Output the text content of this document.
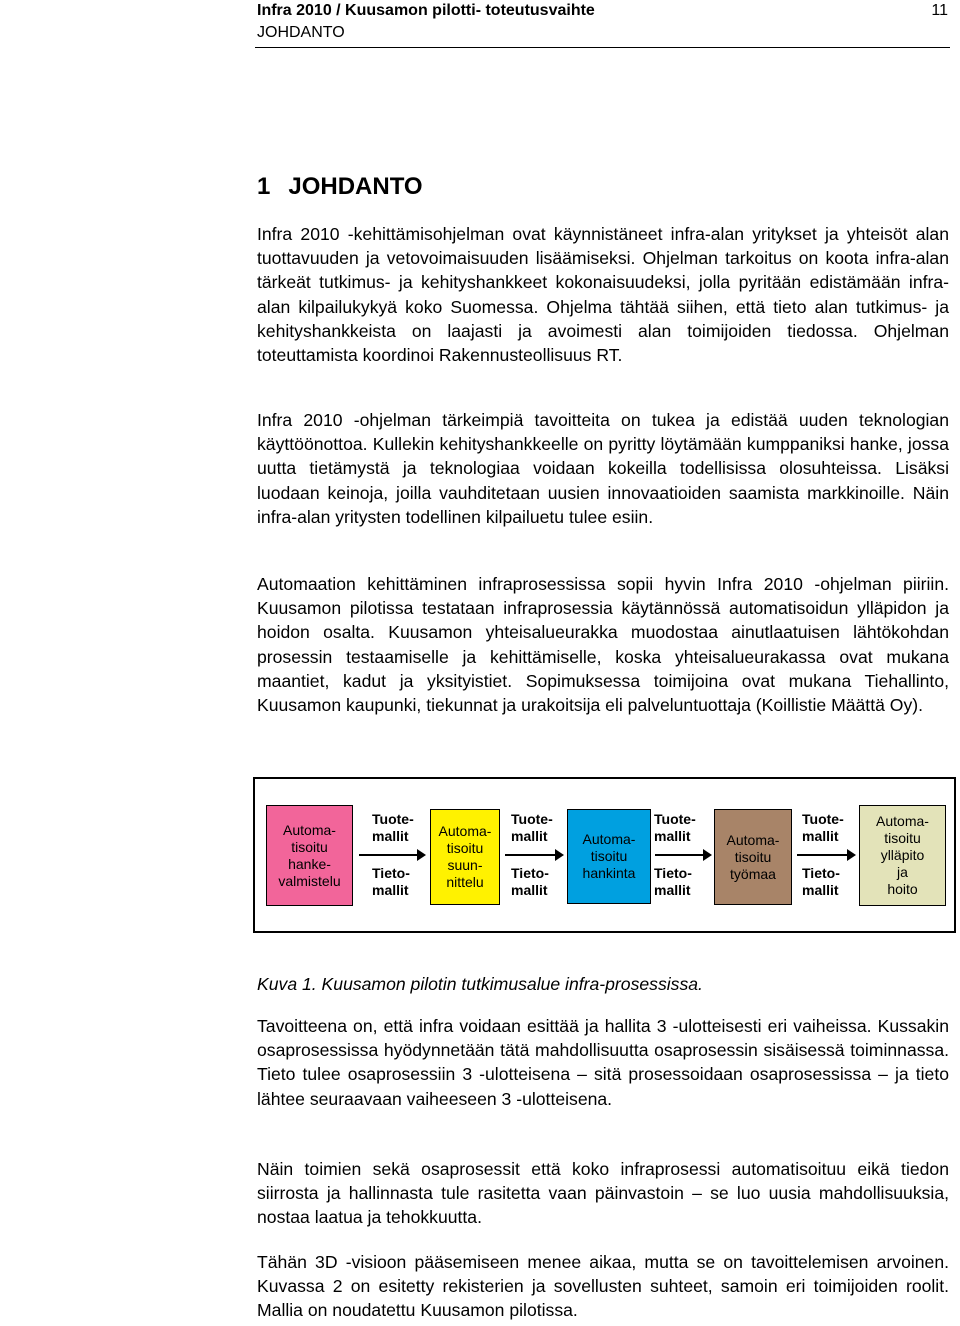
Infra 2010 / Kuusamon pilotti- toteutusvaihte
JOHDANTO
11
1 JOHDANTO

Infra 2010 -kehittämisohjelman ovat käynnistäneet infra-alan yritykset ja yhteisöt alan tuottavuuden ja vetovoimaisuuden lisäämiseksi. Ohjelman tarkoitus on koota infra-alan tärkeät tutkimus- ja kehityshankkeet kokonaisuudeksi, jolla pyritään edistämään infra-alan kilpailukykyä koko Suomessa. Ohjelma tähtää siihen, että tieto alan tutkimus- ja kehityshankkeista on laajasti ja avoimesti alan toimijoiden tiedossa. Ohjelman toteuttamista koordinoi Rakennusteollisuus RT.

Infra 2010 -ohjelman tärkeimpiä tavoitteita on tukea ja edistää uuden teknologian käyttöönottoa. Kullekin kehityshankkeelle on pyritty löytämään kumppaniksi hanke, jossa uutta tietämystä ja teknologiaa voidaan kokeilla todellisissa olosuhteissa. Lisäksi luodaan keinoja, joilla vauhditetaan uusien innovaatioiden saamista markkinoille. Näin infra-alan yritysten todellinen kilpailuetu tulee esiin.

Automaation kehittäminen infraprosessissa sopii hyvin Infra 2010 -ohjelman piiriin. Kuusamon pilotissa testataan infraprosessia käytännössä automatisoidun ylläpidon ja hoidon osalta. Kuusamon yhteisalueurakka muodostaa ainutlaatuisen lähtökohdan prosessin testaamiselle ja kehittämiselle, koska yhteisalueurakassa ovat mukana maantiet, kadut ja yksityistiet. Sopimuksessa toimijoina ovat mukana Tiehallinto, Kuusamon kaupunki, tiekunnat ja urakoitsija eli palveluntuottaja (Koillistie Määttä Oy).

Automa-
tisoitu
hanke-
valmistelu
Tuote-
mallit
Tieto-
mallit
Automa-
tisoitu
suun-
nittelu
Tuote-
mallit
Tieto-
mallit
Automa-
tisoitu
hankinta
Tuote-
mallit
Tieto-
mallit
Automa-
tisoitu
työmaa
Tuote-
mallit
Tieto-
mallit
Automa-
tisoitu
ylläpito
ja
hoito
Kuva 1. Kuusamon pilotin tutkimusalue infra-prosessissa.

Tavoitteena on, että infra voidaan esittää ja hallita 3 -ulotteisesti eri vaiheissa. Kussakin osaprosessissa hyödynnetään tätä mahdollisuutta osaprosessin sisäisessä toiminnassa. Tieto tulee osaprosessiin 3 -ulotteisena – sitä prosessoidaan osaprosessissa – ja tieto lähtee seuraavaan vaiheeseen 3 -ulotteisena.

Näin toimien sekä osaprosessit että koko infraprosessi automatisoituu eikä tiedon siirrosta ja hallinnasta tule rasitetta vaan päinvastoin – se luo uusia mahdollisuuksia, nostaa laatua ja tehokkuutta.

Tähän 3D -visioon pääsemiseen menee aikaa, mutta se on tavoittelemisen arvoinen. Kuvassa 2 on esitetty rekisterien ja sovellusten suhteet, samoin eri toimijoiden roolit. Mallia on noudatettu Kuusamon pilotissa.
